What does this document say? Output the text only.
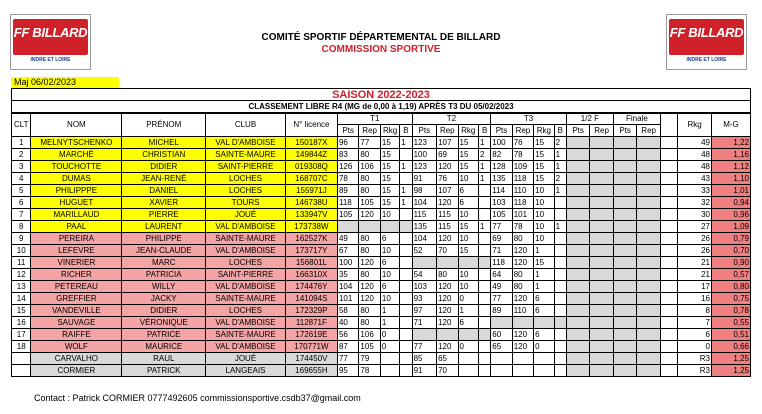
FF BILLARD
INDRE ET LOIRE
FF BILLARD
INDRE ET LOIRE
COMITÉ SPORTIF DÉPARTEMENTAL DE BILLARD
COMMISSION SPORTIVE
Maj 06/02/2023
SAISON 2022-2023
CLASSEMENT LIBRE R4 (MG de 0,00 à 1,19) APRÈS T3 DU 05/02/2023
CLT	NOM	PRÉNOM	CLUB	N° licence	T1				T2				T3				1/2 F		Finale			Rkg	M-G
					Pts	Rep	Rkg	B	Pts	Rep	Rkg	B	Pts	Rep	Rkg	B	Pts	Rep	Pts	Rep			
1	MELNYTSCHENKO	MICHEL	VAL D'AMBOISE	150187X	96	77	15	1	123	107	15	1	100	76	15	2						49	1,22
2	MARCHÉ	CHRISTIAN	SAINTE-MAURE	149844Z	83	80	15		100	69	15	2	82	78	15	1						48	1,16
3	TOUCHOTTE	DIDIER	SAINT-PIERRE	019308Q	126	106	15	1	123	120	15	1	128	109	15	1						48	1,12
4	DUMAS	JEAN-RENÉ	LOCHES	168707C	78	80	15		91	76	10	1	135	118	15	2						43	1,10
5	PHILIPPPE	DANIEL	LOCHES	155971J	89	80	15	1	98	107	6		114	110	10	1						33	1,01
6	HUGUET	XAVIER	TOURS	146738U	118	105	15	1	104	120	6		103	118	10							32	0,94
7	MARILLAUD	PIERRE	JOUÉ	133947V	105	120	10		115	115	10		105	101	10							30	0,96
8	PAAL	LAURENT	VAL D'AMBOISE	173738W					135	115	15	1	77	78	10	1						27	1,09
9	PEREIRA	PHILIPPE	SAINTE-MAURE	162527K	49	80	6		104	120	10		69	80	10							26	0,79
10	LEFEVRE	JEAN-CLAUDE	VAL D'AMBOISE	173717Y	67	80	10		52	70	15		71	120	1							26	0,70
11	VINERIER	MARC	LOCHES	156801L	100	120	6						118	120	15							21	0,90
12	RICHER	PATRICIA	SAINT-PIERRE	166310X	35	80	10		54	80	10		64	80	1							21	0,57
13	PETEREAU	WILLY	VAL D'AMBOISE	174476Y	104	120	6		103	120	10		49	80	1							17	0,80
14	GREFFIER	JACKY	SAINTE-MAURE	141094S	101	120	10		93	120	0		77	120	6							16	0,75
15	VANDEVILLE	DIDIER	LOCHES	172329P	58	80	1		97	120	1		89	110	6							8	0,78
16	SAUVAGE	VÉRONIQUE	VAL D'AMBOISE	112871F	40	80	1		71	120	6											7	0,55
17	RAIFFE	PATRICE	SAINTE-MAURE	172619E	56	106	0						60	120	6							6	0,51
18	WOLF	MAURICE	VAL D'AMBOISE	170771W	87	105	0		77	120	0		65	120	0							0	0,66
	CARVALHO	RAUL	JOUÉ	174450V	77	79			85	65												R3	1,25
	CORMIER	PATRICK	LANGEAIS	169655H	95	78			91	70												R3	1,25
Contact : Patrick CORMIER 0777492605 commissionsportive.csdb37@gmail.com
